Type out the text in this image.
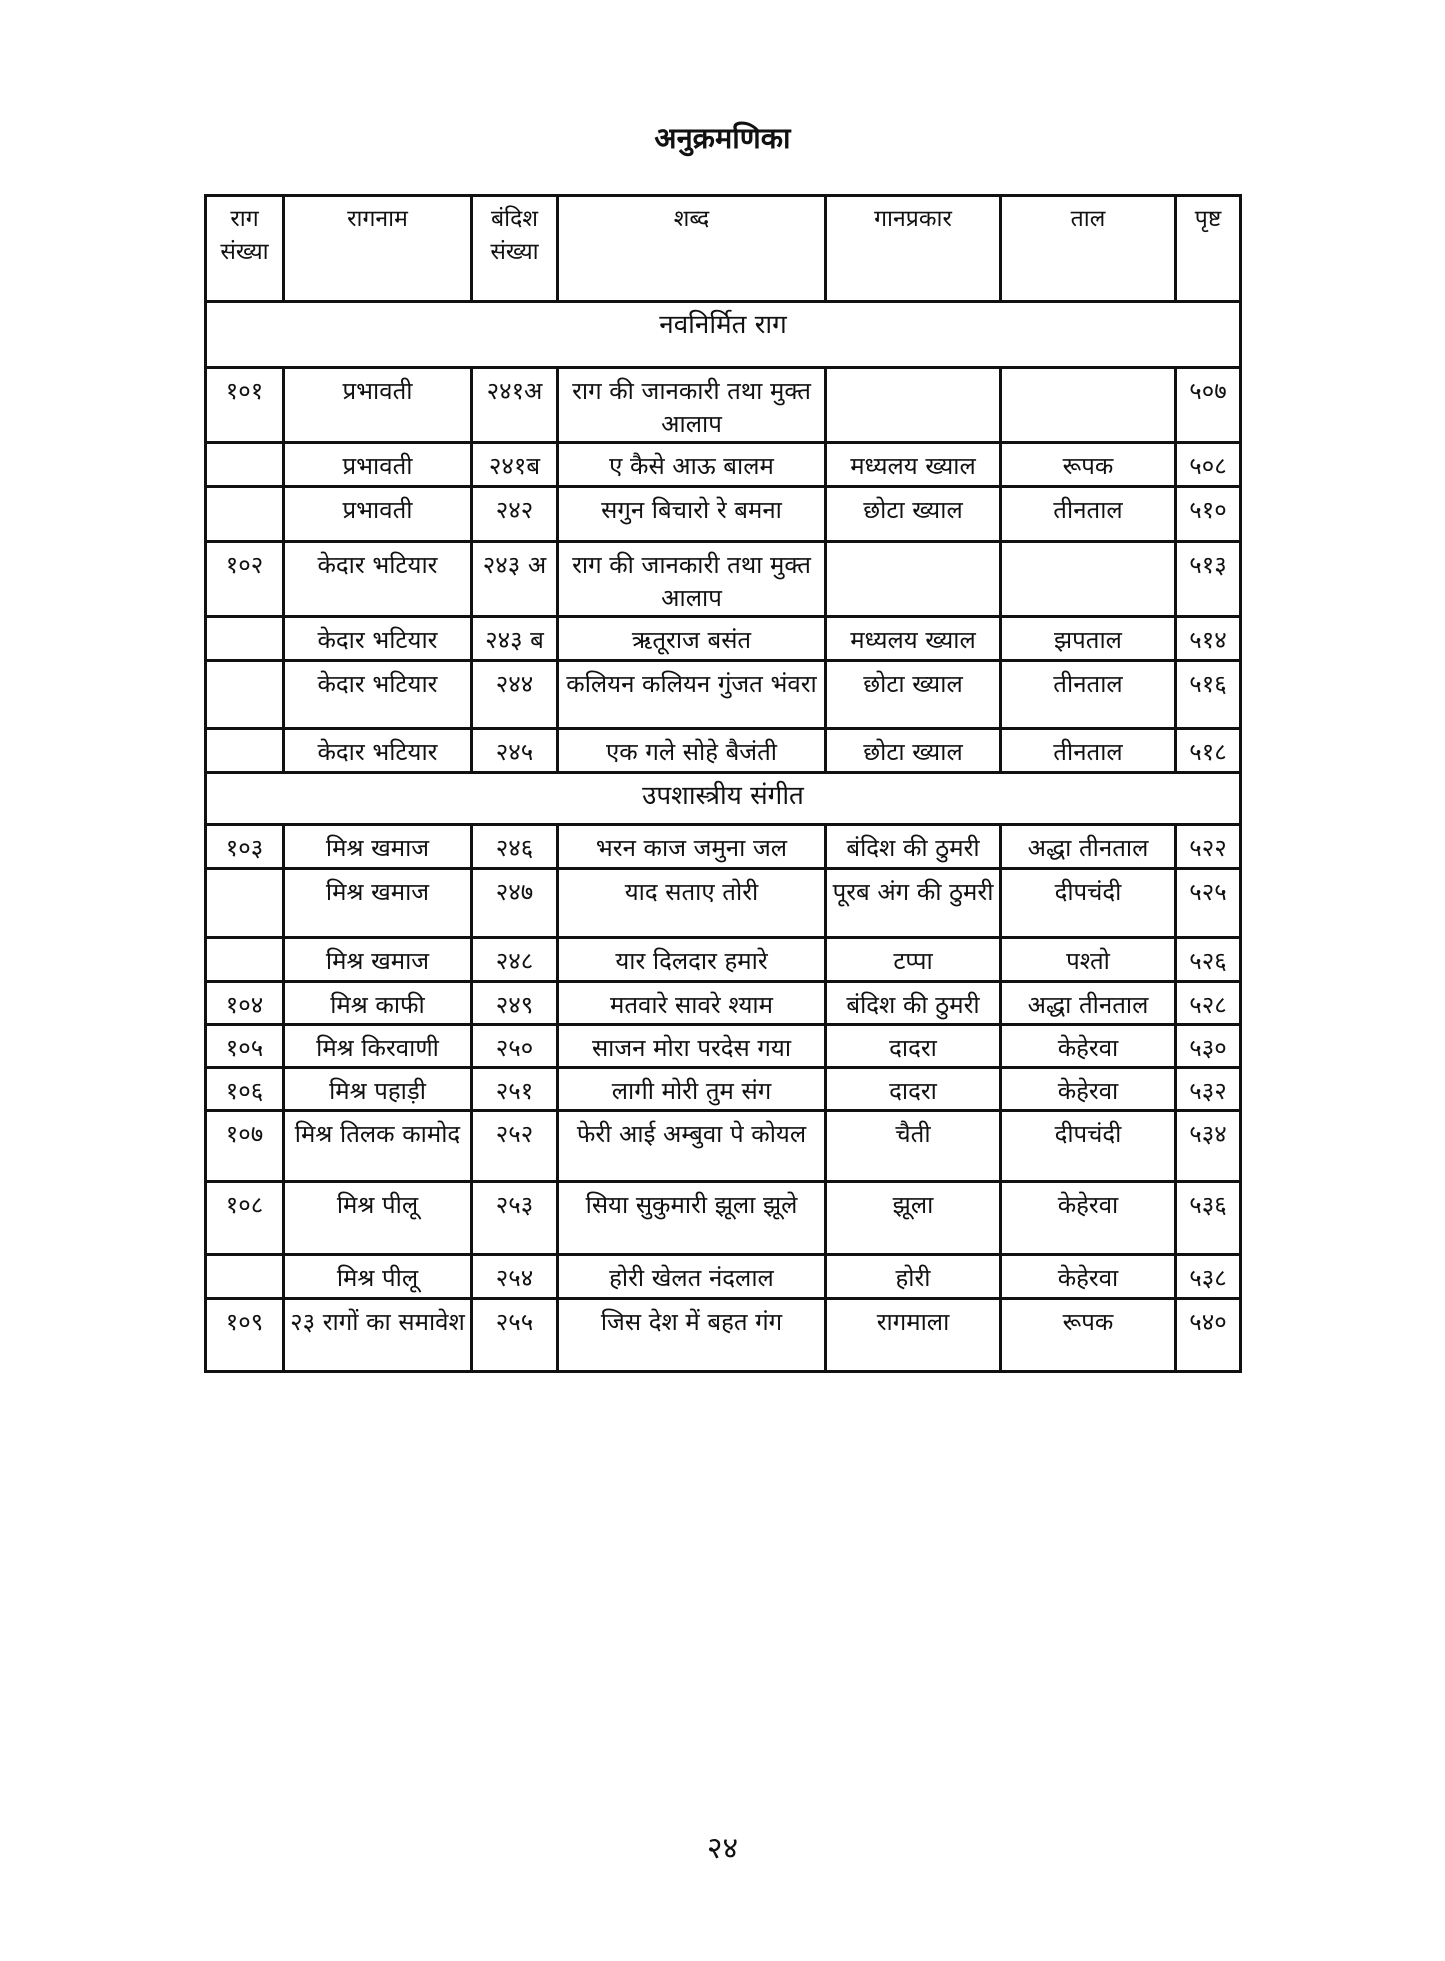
अनुक्रमणिका
राग संख्या	रागनाम	बंदिश संख्या	शब्द	गानप्रकार	ताल	पृष्ट
नवनिर्मित राग						
१०१	प्रभावती	२४१अ	राग की जानकारी तथा मुक्त आलाप			५०७
	प्रभावती	२४१ब	ए कैसे आऊ बालम	मध्यलय ख्याल	रूपक	५०८
	प्रभावती	२४२	सगुन बिचारो रे बमना	छोटा ख्याल	तीनताल	५१०
१०२	केदार भटियार	२४३ अ	राग की जानकारी तथा मुक्त आलाप			५१३
	केदार भटियार	२४३ ब	ऋतूराज बसंत	मध्यलय ख्याल	झपताल	५१४
	केदार भटियार	२४४	कलियन कलियन गुंजत भंवरा	छोटा ख्याल	तीनताल	५१६
	केदार भटियार	२४५	एक गले सोहे बैजंती	छोटा ख्याल	तीनताल	५१८
उपशास्त्रीय संगीत						
१०३	मिश्र खमाज	२४६	भरन काज जमुना जल	बंदिश की ठुमरी	अद्धा तीनताल	५२२
	मिश्र खमाज	२४७	याद सताए तोरी	पूरब अंग की ठुमरी	दीपचंदी	५२५
	मिश्र खमाज	२४८	यार दिलदार हमारे	टप्पा	पश्तो	५२६
१०४	मिश्र काफी	२४९	मतवारे सावरे श्याम	बंदिश की ठुमरी	अद्धा तीनताल	५२८
१०५	मिश्र किरवाणी	२५०	साजन मोरा परदेस गया	दादरा	केहेरवा	५३०
१०६	मिश्र पहाड़ी	२५१	लागी मोरी तुम संग	दादरा	केहेरवा	५३२
१०७	मिश्र तिलक कामोद	२५२	फेरी आई अम्बुवा पे कोयल	चैती	दीपचंदी	५३४
१०८	मिश्र पीलू	२५३	सिया सुकुमारी झूला झूले	झूला	केहेरवा	५३६
	मिश्र पीलू	२५४	होरी खेलत नंदलाल	होरी	केहेरवा	५३८
१०९	२३ रागों का समावेश	२५५	जिस देश में बहत गंग	रागमाला	रूपक	५४०
२४
